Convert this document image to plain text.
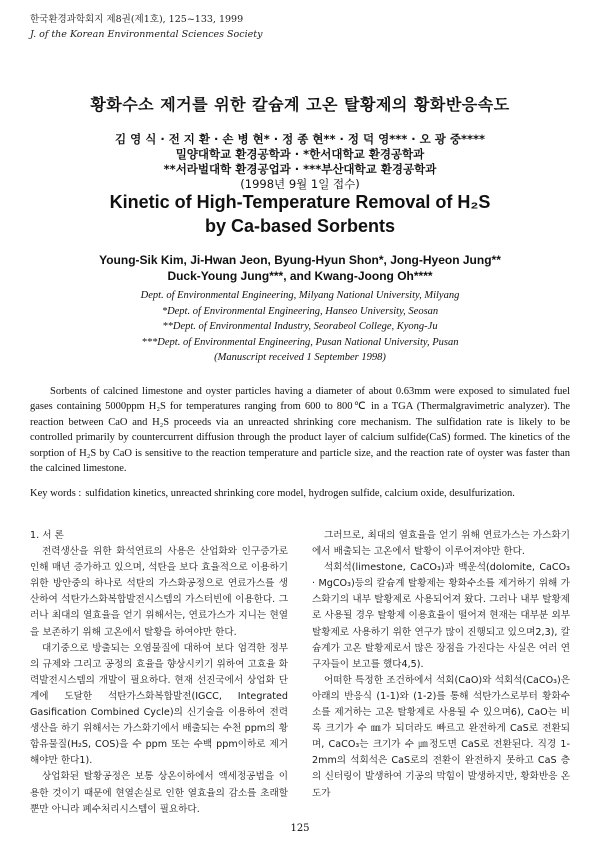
한국환경과학회지 제8권(제1호), 125~133, 1999
J. of the Korean Environmental Sciences Society
황화수소 제거를 위한 칼슘계 고온 탈황제의 황화반응속도
김 영 식 · 전 지 환 · 손 병 현* · 정 종 현** · 정 덕 영*** · 오 광 중****
밀양대학교 환경공학과 · *한서대학교 환경공학과
**서라벌대학 환경공업과 · ***부산대학교 환경공학과
(1998년 9월 1일 접수)
Kinetic of High-Temperature Removal of H₂S
by Ca-based Sorbents
Young-Sik Kim, Ji-Hwan Jeon, Byung-Hyun Shon*, Jong-Hyeon Jung**
Duck-Young Jung***, and Kwang-Joong Oh****
Dept. of Environmental Engineering, Milyang National University, Milyang
*Dept. of Environmental Engineering, Hanseo University, Seosan
**Dept. of Environmental Industry, Seorabeol College, Kyong-Ju
***Dept. of Environmental Engineering, Pusan National University, Pusan
(Manuscript received 1 September 1998)
Sorbents of calcined limestone and oyster particles having a diameter of about 0.63mm were exposed to simulated fuel gases containing 5000ppm H₂S for temperatures ranging from 600 to 800℃ in a TGA (Thermalgravimetric analyzer). The reaction between CaO and H₂S proceeds via an unreacted shrinking core mechanism. The sulfidation rate is likely to be controlled primarily by countercurrent diffusion through the product layer of calcium sulfide(CaS) formed. The kinetics of the sorption of H₂S by CaO is sensitive to the reaction temperature and particle size, and the reaction rate of oyster was faster than the calcined limestone.
Key words : sulfidation kinetics, unreacted shrinking core model, hydrogen sulfide, calcium oxide, desulfurization.

1. 서 론

전력생산을 위한 화석연료의 사용은 산업화와 인구증가로 인해 매년 증가하고 있으며, 석탄을 보다 효율적으로 이용하기 위한 방안중의 하나로 석탄의 가스화공정으로 연료가스를 생산하여 석탄가스화복합발전시스템의 가스터빈에 이용한다. 그러나 최대의 열효율을 얻기 위해서는, 연료가스가 지니는 현열을 보존하기 위해 고온에서 탈황을 하여야만 한다.

대기중으로 방출되는 오염물질에 대하여 보다 엄격한 정부의 규제와 그리고 공정의 효율을 향상시키기 위하여 고효율 화력발전시스템의 개발이 필요하다. 현재 선진국에서 상업화 단계에 도달한 석탄가스화복합발전(IGCC, Integrated Gasification Combined Cycle)의 신기술을 이용하여 전력생산을 하기 위해서는 가스화기에서 배출되는 수천 ppm의 황함유물질(H₂S, COS)을 수 ppm 또는 수백 ppm이하로 제거해야만 한다1).

상업화된 탈황공정은 보통 상온이하에서 액세정공법을 이용한 것이기 때문에 현열손실로 인한 열효율의 감소를 초래할 뿐만 아니라 폐수처리시스템이 필요하다.

그러므로, 최대의 열효율을 얻기 위해 연료가스는 가스화기에서 배출되는 고온에서 탈황이 이루어져야만 한다.

석회석(limestone, CaCO₃)과 백운석(dolomite, CaCO₃ · MgCO₃)등의 칼슘계 탈황제는 황화수소를 제거하기 위해 가스화기의 내부 탈황제로 사용되어져 왔다. 그러나 내부 탈황제로 사용될 경우 탈황제 이용효율이 떨어져 현재는 대부분 외부 탈황제로 사용하기 위한 연구가 많이 진행되고 있으며2,3), 칼슘계가 고온 탈황제로서 많은 장점을 가진다는 사실은 여러 연구자들이 보고를 했다4,5).

어떠한 특정한 조건하에서 석회(CaO)와 석회석(CaCO₃)은 아래의 반응식 (1-1)와 (1-2)를 통해 석탄가스로부터 황화수소를 제거하는 고온 탈황제로 사용될 수 있으며6), CaO는 비록 크기가 수 ㎜가 되더라도 빠르고 완전하게 CaS로 전환되며, CaCO₃는 크기가 수 ㎛정도면 CaS로 전환된다. 직경 1-2mm의 석회석은 CaS로의 전환이 완전하지 못하고 CaS 층의 신터링이 발생하여 기공의 막힘이 발생하지만, 황화반응 온도가

125
